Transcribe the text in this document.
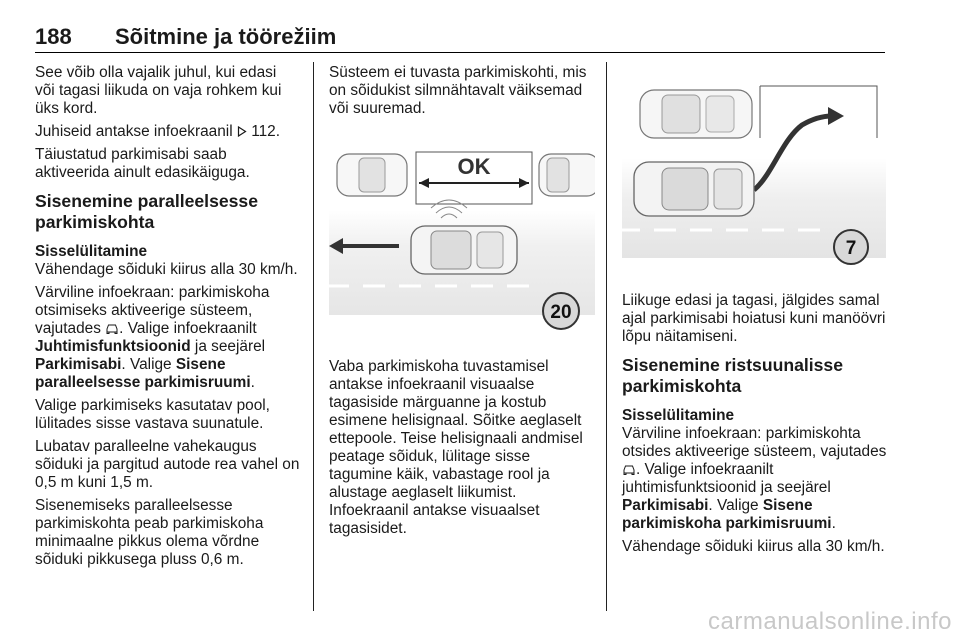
188 Sõitmine ja töörežiim

See võib olla vajalik juhul, kui edasi või tagasi liikuda on vaja rohkem kui üks kord.

Juhiseid antakse infoekraanil  112.

Täiustatud parkimisabi saab aktiveerida ainult edasikäiguga.

Sisenemine paralleelsesse parkimiskohta

Sisselülitamine

Vähendage sõiduki kiirus alla 30 km/h.

Värviline infoekraan: parkimiskoha otsimiseks aktiveerige süsteem, vajutades . Valige infoekraanilt Juhtimisfunktsioonid ja seejärel Parkimisabi. Valige Sisene paralleelsesse parkimisruumi.

Valige parkimiseks kasutatav pool, lülitades sisse vastava suunatule.

Lubatav paralleelne vahekaugus sõiduki ja pargitud autode rea vahel on 0,5 m kuni 1,5 m.

Sisenemiseks paralleelsesse parkimiskohta peab parkimiskoha minimaalne pikkus olema võrdne sõiduki pikkusega pluss 0,6 m.

Süsteem ei tuvasta parkimiskohti, mis on sõidukist silmnähtavalt väiksemad või suuremad.

OK
20

Vaba parkimiskoha tuvastamisel antakse infoekraanil visuaalse tagasiside märguanne ja kostub esimene helisignaal. Sõitke aeglaselt ettepoole. Teise helisignaali andmisel peatage sõiduk, lülitage sisse tagumine käik, vabastage rool ja alustage aeglaselt liikumist.

Infoekraanil antakse visuaalset tagasisidet.

7

Liikuge edasi ja tagasi, jälgides samal ajal parkimisabi hoiatusi kuni manöövri lõpu näitamiseni.

Sisenemine ristsuunalisse parkimiskohta

Sisselülitamine

Värviline infoekraan: parkimiskohta otsides aktiveerige süsteem, vajutades . Valige infoekraanilt juhtimisfunktsioonid ja seejärel Parkimisabi. Valige Sisene parkimiskoha parkimisruumi.

Vähendage sõiduki kiirus alla 30 km/h.

carmanualsonline.info
